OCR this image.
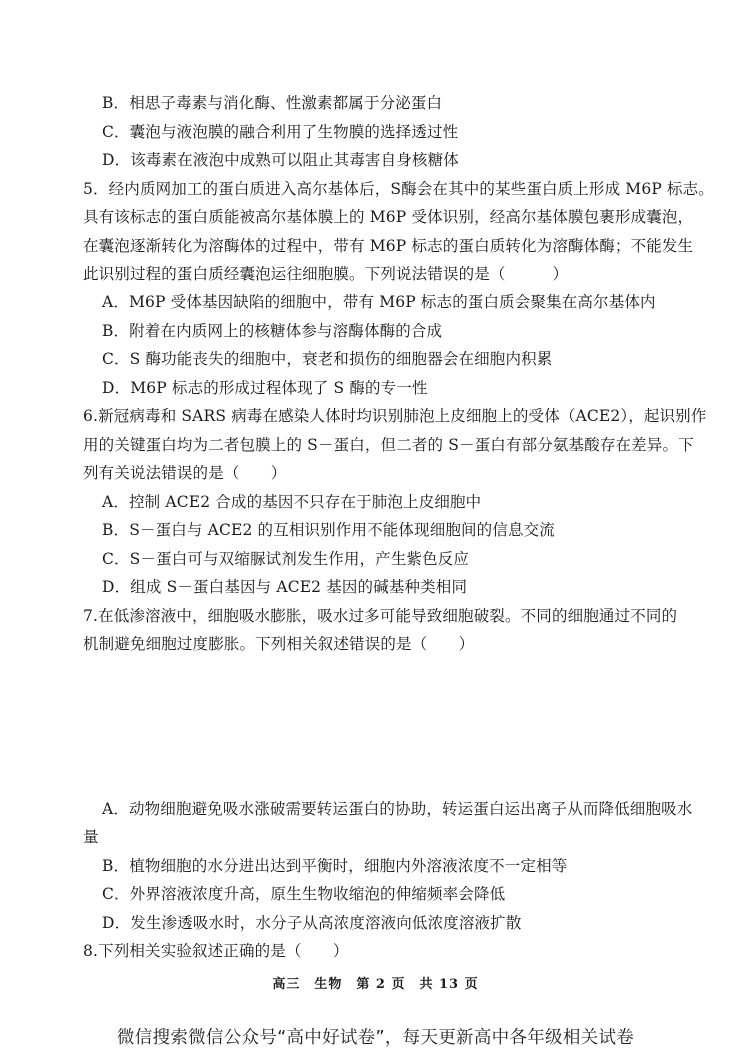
B．相思子毒素与消化酶、性激素都属于分泌蛋白
C．囊泡与液泡膜的融合利用了生物膜的选择透过性
D．该毒素在液泡中成熟可以阻止其毒害自身核糖体
5．经内质网加工的蛋白质进入高尔基体后，S酶会在其中的某些蛋白质上形成 M6P 标志。
具有该标志的蛋白质能被高尔基体膜上的 M6P 受体识别，经高尔基体膜包裹形成囊泡，
在囊泡逐渐转化为溶酶体的过程中，带有 M6P 标志的蛋白质转化为溶酶体酶；不能发生
此识别过程的蛋白质经囊泡运往细胞膜。下列说法错误的是（　　　）
A．M6P 受体基因缺陷的细胞中，带有 M6P 标志的蛋白质会聚集在高尔基体内
B．附着在内质网上的核糖体参与溶酶体酶的合成
C．S 酶功能丧失的细胞中，衰老和损伤的细胞器会在细胞内积累
D．M6P 标志的形成过程体现了 S 酶的专一性
6.新冠病毒和 SARS 病毒在感染人体时均识别肺泡上皮细胞上的受体（ACE2），起识别作
用的关键蛋白均为二者包膜上的 S－蛋白，但二者的 S－蛋白有部分氨基酸存在差异。下
列有关说法错误的是（　　）
A．控制 ACE2 合成的基因不只存在于肺泡上皮细胞中
B．S－蛋白与 ACE2 的互相识别作用不能体现细胞间的信息交流
C．S－蛋白可与双缩脲试剂发生作用，产生紫色反应
D．组成 S－蛋白基因与 ACE2 基因的碱基种类相同
7.在低渗溶液中，细胞吸水膨胀，吸水过多可能导致细胞破裂。不同的细胞通过不同的
机制避免细胞过度膨胀。下列相关叙述错误的是（　　）
A．动物细胞避免吸水涨破需要转运蛋白的协助，转运蛋白运出离子从而降低细胞吸水
量
B．植物细胞的水分进出达到平衡时，细胞内外溶液浓度不一定相等
C．外界溶液浓度升高，原生生物收缩泡的伸缩频率会降低
D．发生渗透吸水时，水分子从高浓度溶液向低浓度溶液扩散
8.下列相关实验叙述正确的是（　　）
高三　生物　第 2 页　共 13 页
微信搜索微信公众号“高中好试卷”，每天更新高中各年级相关试卷
